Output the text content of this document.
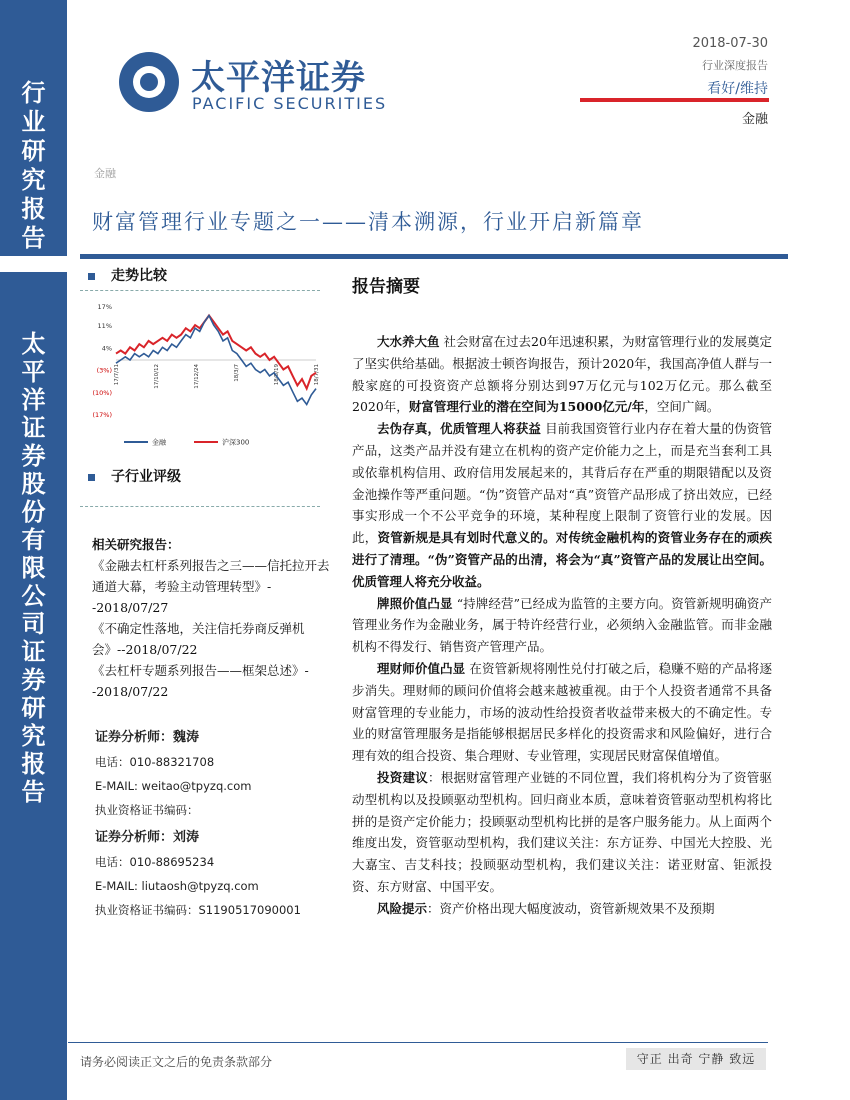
行
业
研
究
报
告
太
平
洋
证
券
股
份
有
限
公
司
证
券
研
究
报
告
太平洋证券
PACIFIC SECURITIES
2018-07-30
行业深度报告
看好/维持
金融
金融
财富管理行业专题之一——清本溯源，行业开启新篇章
走势比较
17%
11%
4%
(3%)
(10%)
(17%)
17/7/31	17/10/12	17/12/24	18/3/7	18/5/19	18/7/31
金融	沪深300
子行业评级
相关研究报告：
《金融去杠杆系列报告之三——信托拉开去通道大幕，考验主动管理转型》--2018/07/27
《不确定性落地，关注信托券商反弹机会》--2018/07/22
《去杠杆专题系列报告——框架总述》--2018/07/22
证券分析师：魏涛
电话：010-88321708
E-MAIL: weitao@tpyzq.com
执业资格证书编码：
证券分析师：刘涛
电话：010-88695234
E-MAIL: liutaosh@tpyzq.com
执业资格证书编码：S1190517090001
报告摘要

大水养大鱼 社会财富在过去20年迅速积累，为财富管理行业的发展奠定了坚实供给基础。根据波士顿咨询报告，预计2020年，我国高净值人群与一般家庭的可投资资产总额将分别达到97万亿元与102万亿元。那么截至2020年，财富管理行业的潜在空间为15000亿元/年，空间广阔。

去伪存真，优质管理人将获益 目前我国资管行业内存在着大量的伪资管产品，这类产品并没有建立在机构的资产定价能力之上，而是充当套利工具或依靠机构信用、政府信用发展起来的，其背后存在严重的期限错配以及资金池操作等严重问题。“伪”资管产品对“真”资管产品形成了挤出效应，已经事实形成一个不公平竞争的环境，某种程度上限制了资管行业的发展。因此，资管新规是具有划时代意义的。对传统金融机构的资管业务存在的顽疾进行了清理。“伪”资管产品的出清，将会为“真”资管产品的发展让出空间。优质管理人将充分收益。

牌照价值凸显 “持牌经营”已经成为监管的主要方向。资管新规明确资产管理业务作为金融业务，属于特许经营行业，必须纳入金融监管。而非金融机构不得发行、销售资产管理产品。

理财师价值凸显 在资管新规将刚性兑付打破之后，稳赚不赔的产品将逐步消失。理财师的顾问价值将会越来越被重视。由于个人投资者通常不具备财富管理的专业能力，市场的波动性给投资者收益带来极大的不确定性。专业的财富管理服务是指能够根据居民多样化的投资需求和风险偏好，进行合理有效的组合投资、集合理财、专业管理，实现居民财富保值增值。

投资建议：根据财富管理产业链的不同位置，我们将机构分为了资管驱动型机构以及投顾驱动型机构。回归商业本质，意味着资管驱动型机构将比拼的是资产定价能力；投顾驱动型机构比拼的是客户服务能力。从上面两个维度出发，资管驱动型机构，我们建议关注：东方证券、中国光大控股、光大嘉宝、吉艾科技；投顾驱动型机构，我们建议关注：诺亚财富、钜派投资、东方财富、中国平安。

风险提示：资产价格出现大幅度波动，资管新规效果不及预期

请务必阅读正文之后的免责条款部分	守正 出奇 宁静 致远
